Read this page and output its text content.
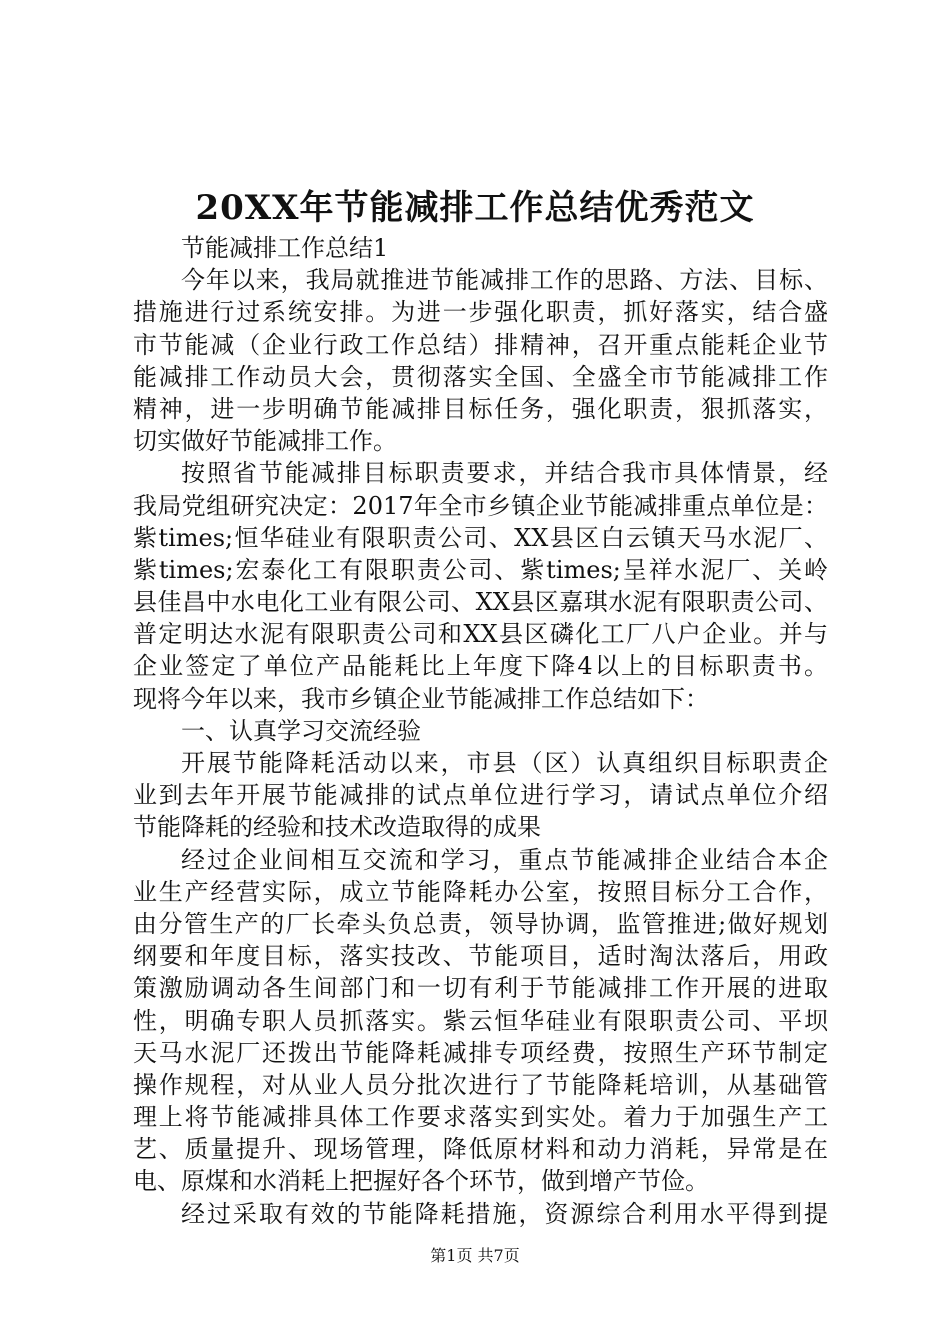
20XX年节能减排工作总结优秀范文
节能减排工作总结1
今年以来，我局就推进节能减排工作的思路、方法、目标、
措施进行过系统安排。为进一步强化职责，抓好落实，结合盛
市节能减（企业行政工作总结）排精神，召开重点能耗企业节
能减排工作动员大会，贯彻落实全国、全盛全市节能减排工作
精神，进一步明确节能减排目标任务，强化职责，狠抓落实，
切实做好节能减排工作。
按照省节能减排目标职责要求，并结合我市具体情景，经
我局党组研究决定：2017年全市乡镇企业节能减排重点单位是：
紫times;恒华硅业有限职责公司、XX县区白云镇天马水泥厂、
紫times;宏泰化工有限职责公司、紫times;呈祥水泥厂、关岭
县佳昌中水电化工业有限公司、XX县区嘉琪水泥有限职责公司、
普定明达水泥有限职责公司和XX县区磷化工厂八户企业。并与
企业签定了单位产品能耗比上年度下降4以上的目标职责书。
现将今年以来，我市乡镇企业节能减排工作总结如下：
一、认真学习交流经验
开展节能降耗活动以来，市县（区）认真组织目标职责企
业到去年开展节能减排的试点单位进行学习，请试点单位介绍
节能降耗的经验和技术改造取得的成果
经过企业间相互交流和学习，重点节能减排企业结合本企
业生产经营实际，成立节能降耗办公室，按照目标分工合作，
由分管生产的厂长牵头负总责，领导协调，监管推进;做好规划
纲要和年度目标，落实技改、节能项目，适时淘汰落后，用政
策激励调动各生间部门和一切有利于节能减排工作开展的进取
性，明确专职人员抓落实。紫云恒华硅业有限职责公司、平坝
天马水泥厂还拨出节能降耗减排专项经费，按照生产环节制定
操作规程，对从业人员分批次进行了节能降耗培训，从基础管
理上将节能减排具体工作要求落实到实处。着力于加强生产工
艺、质量提升、现场管理，降低原材料和动力消耗，异常是在
电、原煤和水消耗上把握好各个环节，做到增产节俭。
经过采取有效的节能降耗措施，资源综合利用水平得到提
第1页 共7页
